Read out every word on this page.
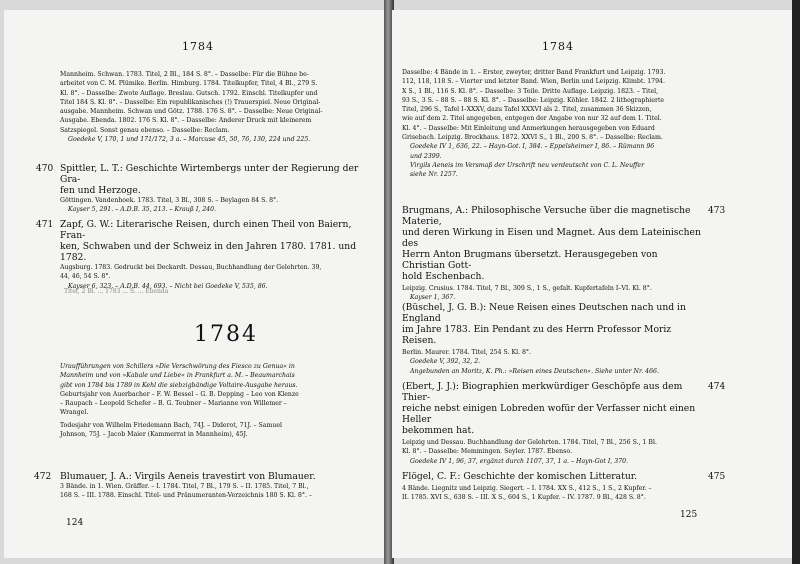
1784

Mannheim. Schwan. 1783. Titel, 2 Bl., 184 S. 8°. – Dasselbe: Für die Bühne be-

arbeitet von C. M. Plümike. Berlin. Himburg. 1784. Titelkupfer, Titel, 4 Bl., 279 S.

Kl. 8°. – Dasselbe: Zwote Auflage. Breslau. Gutsch. 1792. Einschl. Titelkupfer und

Titel 184 S. Kl. 8°. – Dasselbe: Ein republikanisches (!) Trauerspiel. Neue Original-

ausgabe. Mannheim. Schwan und Götz. 1788. 176 S. 8°. – Dasselbe: Neue Original-

Ausgabe. Ebenda. 1802. 176 S. Kl. 8°. – Dasselbe: Anderer Druck mit kleinerem

Satzspiegel. Sonst genau ebenso. – Dasselbe: Reclam.

Goedeke V, 170, 1 und 171/172, 3 a. – Marcuse 45, 50, 76, 130, 224 und 225.

470 Spittler, L. T.: Geschichte Wirtembergs unter der Regierung der Gra-

fen und Herzoge.

Göttingen. Vandenhoek. 1783. Titel, 3 Bl., 308 S. – Beylagen 84 S. 8°.

Kayser 5, 291. – A.D.B. 35, 213. – Krauß I, 240.

471 Zapf, G. W.: Literarische Reisen, durch einen Theil von Baiern, Fran-

ken, Schwaben und der Schweiz in den Jahren 1780. 1781. und 1782.

Augsburg. 1783. Gedruckt bei Deckardt. Dessau, Buchhandlung der Gelehrten. 39,

44, 46, 54 S. 8°.

Kayser 6, 323. – A.D.B. 44, 693. – Nicht bei Goedeke V, 535, 86.

Titel, 2 Bl. ... 1783 ... S. ... Ebenda
1784

Uraufführungen von Schillers »Die Verschwörung des Fiesco zu Genua« in

Mannheim und von »Kabale und Liebe« in Frankfurt a. M. – Beaumarchais

gibt von 1784 bis 1789 in Kehl die siebzigbändige Voltaire-Ausgabe heraus.

Geburtsjahr von Auerbacher – F. W. Bessel – G. B. Depping – Leo von Klenze

– Raupach – Leopold Schefer – B. G. Teubner – Marianne von Willemer –

Wrangel.

Todesjahr von Wilhelm Friedemann Bach, 74J. – Diderot, 71J. – Samuel

Johnson, 75J. – Jacob Maier (Kammerrat in Mannheim), 45J.

472 Blumauer, J. A.: Virgils Aeneis travestirt von Blumauer.

3 Bände. in 1. Wien. Gräffer. – I. 1784. Titel, 7 Bl., 179 S. – II. 1785. Titel, 7 Bl.,

168 S. – III. 1788. Einschl. Titel- und Pränumeranten-Verzeichnis 180 S. Kl. 8°. –

124
1784

Dasselbe: 4 Bände in 1. – Erster, zweyter, dritter Band Frankfurt und Leipzig. 1793.

112, 118, 118 S. – Vierter und letzter Band. Wien, Berlin und Leipzig. Klimbt. 1794.

X S., 1 Bl., 116 S. Kl. 8°. – Dasselbe: 3 Teile. Dritte Auflage. Leipzig. 1823. – Titel,

93 S., 3 S. – 88 S. – 88 S. Kl. 8°. – Dasselbe: Leipzig. Köhler. 1842. 2 lithographierte

Titel, 296 S., Tafel I–XXXV, dazu Tafel XXXVI als 2. Titel, zusammen 36 Skizzen,

wie auf dem 2. Titel angegeben, entgegen der Angabe von nur 32 auf dem 1. Titel.

Kl. 4°. – Dasselbe: Mit Einleitung und Anmerkungen herausgegeben von Eduard

Grisebach. Leipzig. Brockhaus. 1872. XXVI S., 1 Bl., 200 S. 8°. – Dasselbe: Reclam.

Goedeke IV 1, 636, 22. – Hayn-Got. I, 384. – Eppelsheimer I, 86. – Rümann 96

und 2399.

Virgils Aeneis im Versmaß der Urschrift neu verdeutscht von C. L. Neuffer

siehe Nr. 1257.

473

Brugmans, A.: Philosophische Versuche über die magnetische Materie,

und deren Wirkung in Eisen und Magnet. Aus dem Lateinischen des

Herrn Anton Brugmans übersetzt. Herausgegeben von Christian Gott-

hold Eschenbach.

Leipzig. Crusius. 1784. Titel, 7 Bl., 309 S., 1 S., gefalt. Kupfertafeln I–VI. Kl. 8°.

Kayser 1, 367.

(Büschel, J. G. B.): Neue Reisen eines Deutschen nach und in England

im Jahre 1783. Ein Pendant zu des Herrn Professor Moriz Reisen.

Berlin. Maurer. 1784. Titel, 254 S. Kl. 8°.

Goedeke V, 392, 32, 2.

Angebunden an Moritz, K. Ph.: »Reisen eines Deutschen«. Siehe unter Nr. 466.

474

(Ebert, J. J.): Biographien merkwürdiger Geschöpfe aus dem Thier-

reiche nebst einigen Lobreden wofür der Verfasser nicht einen Heller

bekommen hat.

Leipzig und Dessau. Buchhandlung der Gelehrten. 1784. Titel, 7 Bl., 256 S., 1 Bl.

Kl. 8°. – Dasselbe: Memmingen. Seyler. 1787. Ebenso.

Goedeke IV 1, 96, 37, ergänzt durch 1107, 37, 1 a. – Hayn-Got I, 370.

475

Flögel, C. F.: Geschichte der komischen Litteratur.

4 Bände. Liegnitz und Leipzig. Siegert. – I. 1784. XX S., 412 S., 1 S., 2 Kupfer. –

II. 1785. XVI S., 638 S. – III. X S., 604 S., 1 Kupfer. – IV. 1787. 9 Bl., 428 S. 8°.

125
